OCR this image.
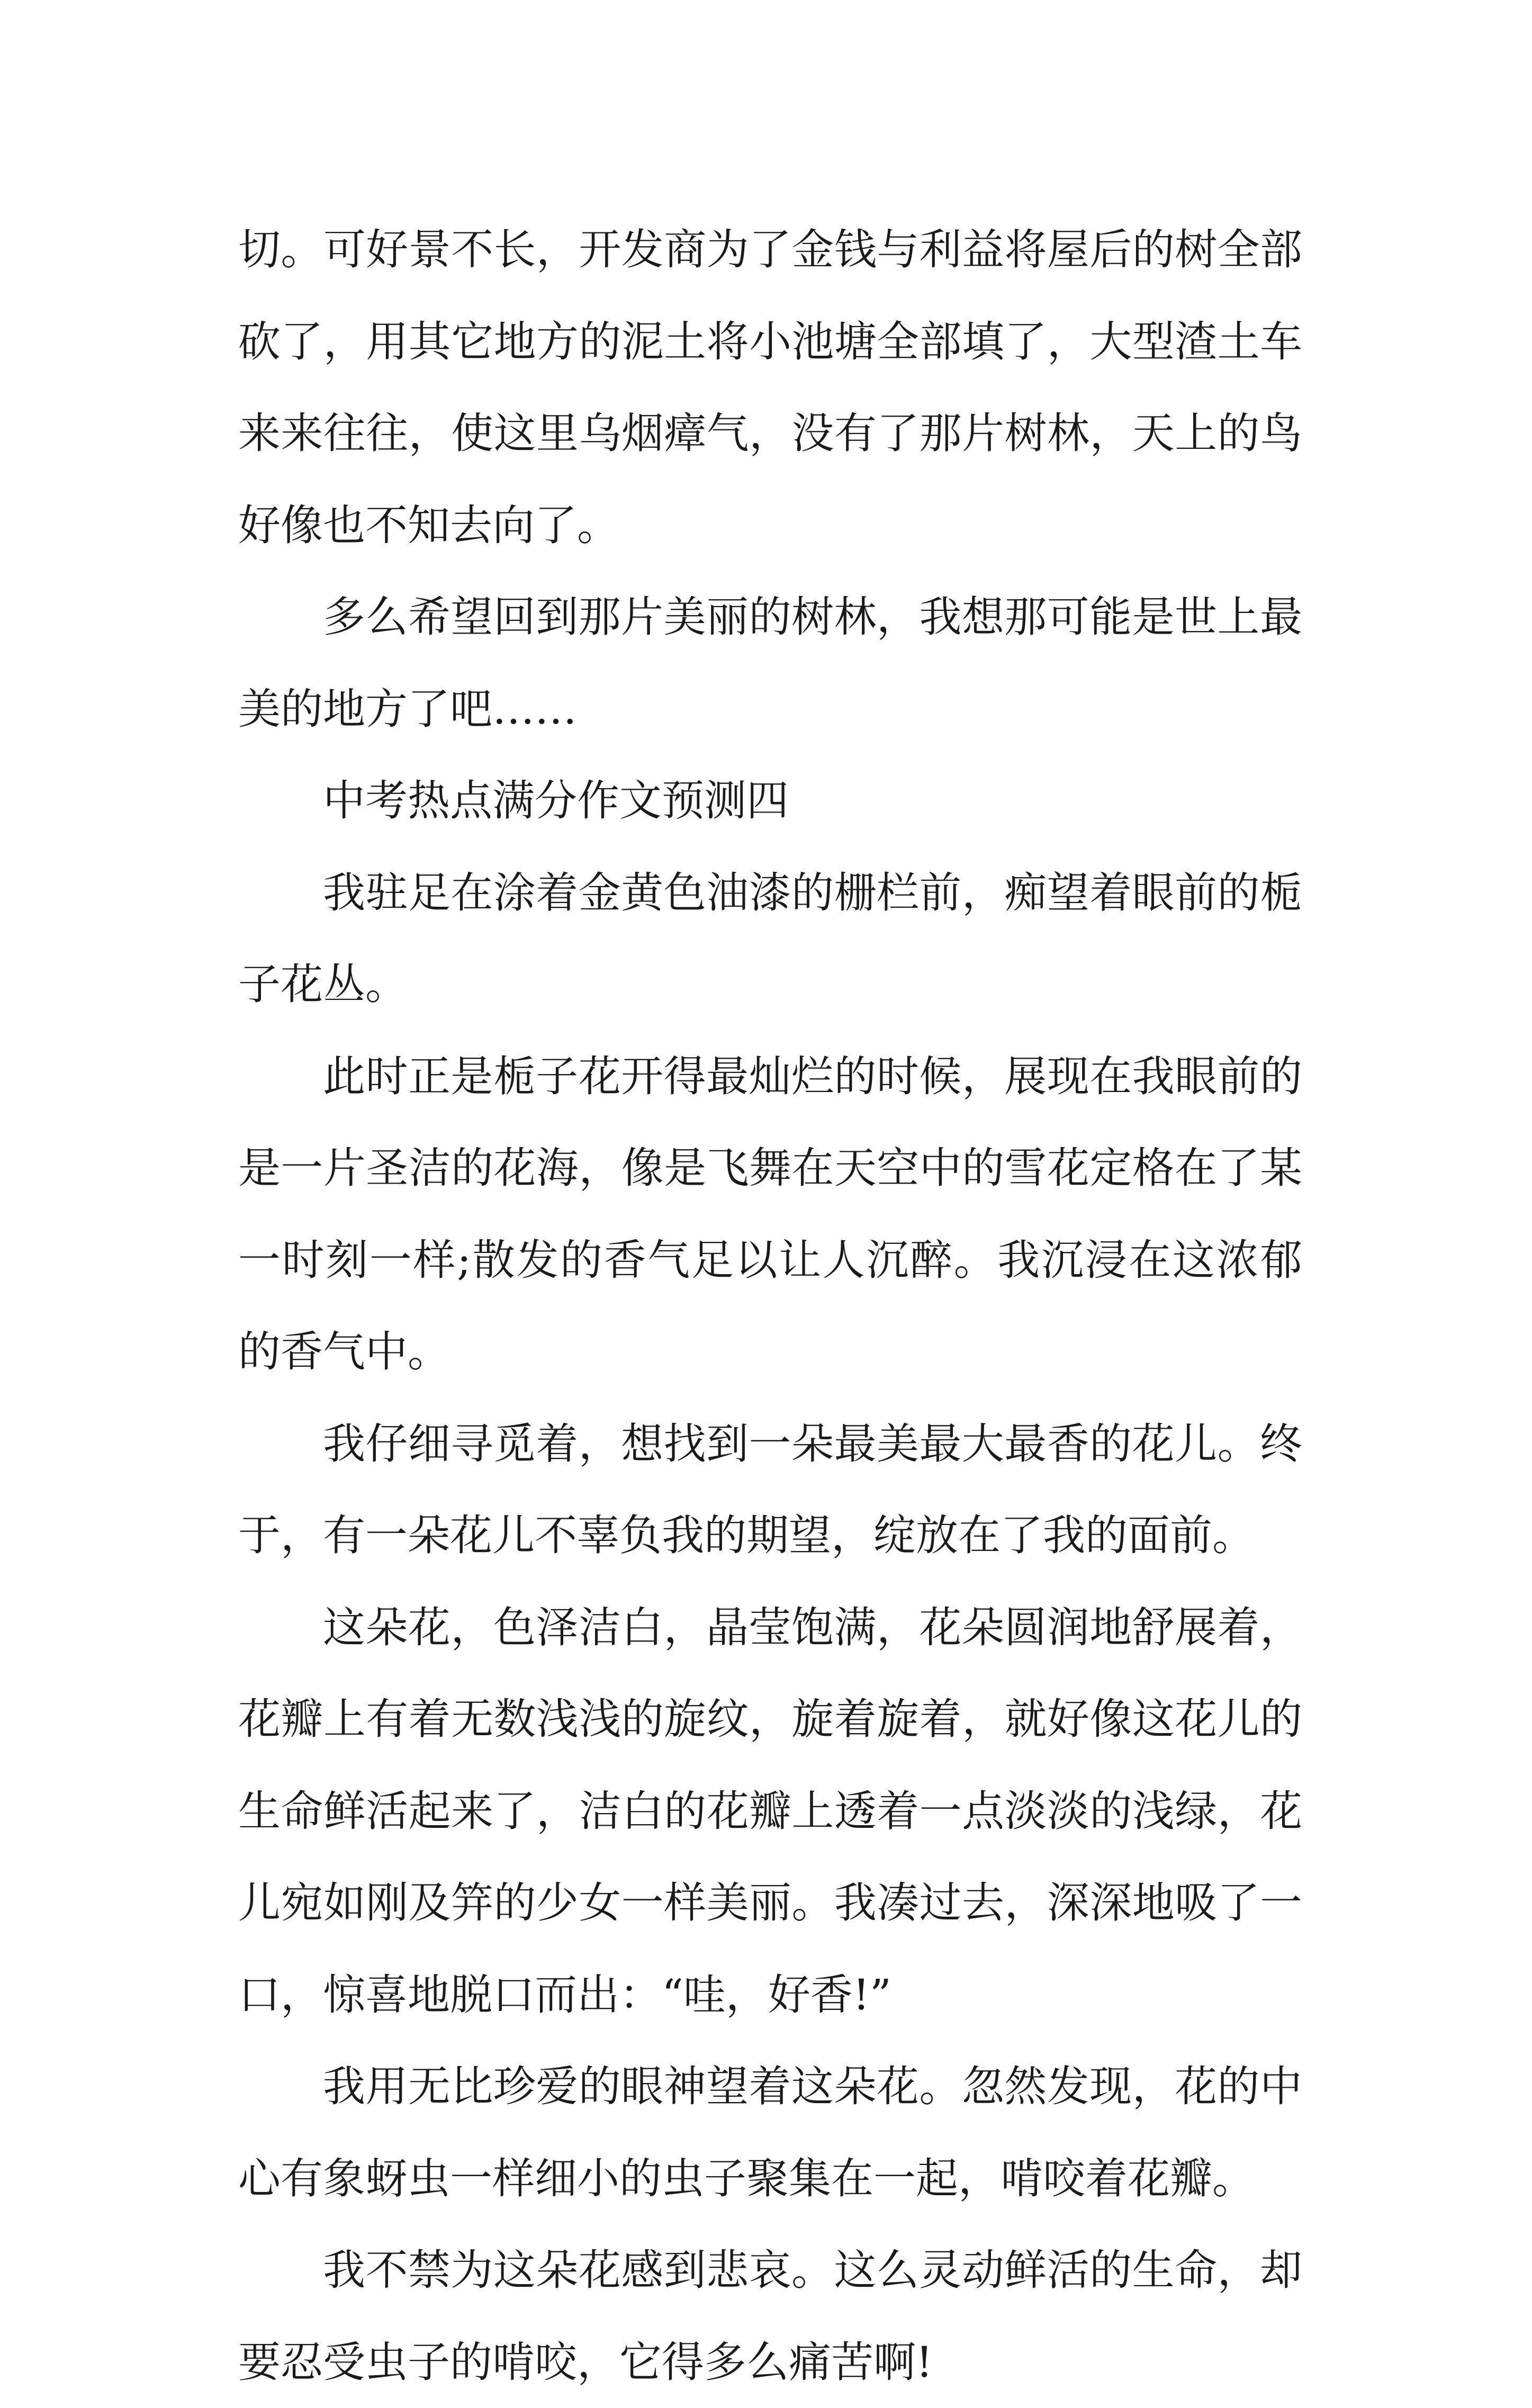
切。可好景不长，开发商为了金钱与利益将屋后的树全部砍了，用其它地方的泥土将小池塘全部填了，大型渣土车来来往往，使这里乌烟瘴气，没有了那片树林，天上的鸟好像也不知去向了。

多么希望回到那片美丽的树林，我想那可能是世上最美的地方了吧……

中考热点满分作文预测四

我驻足在涂着金黄色油漆的栅栏前，痴望着眼前的栀子花丛。

此时正是栀子花开得最灿烂的时候，展现在我眼前的是一片圣洁的花海，像是飞舞在天空中的雪花定格在了某一时刻一样;散发的香气足以让人沉醉。我沉浸在这浓郁的香气中。

我仔细寻觅着，想找到一朵最美最大最香的花儿。终于，有一朵花儿不辜负我的期望，绽放在了我的面前。

这朵花，色泽洁白，晶莹饱满，花朵圆润地舒展着，花瓣上有着无数浅浅的旋纹，旋着旋着，就好像这花儿的生命鲜活起来了，洁白的花瓣上透着一点淡淡的浅绿，花儿宛如刚及笄的少女一样美丽。我凑过去，深深地吸了一口，惊喜地脱口而出：“哇，好香!”

我用无比珍爱的眼神望着这朵花。忽然发现，花的中心有象蚜虫一样细小的虫子聚集在一起，啃咬着花瓣。

我不禁为这朵花感到悲哀。这么灵动鲜活的生命，却要忍受虫子的啃咬，它得多么痛苦啊!
